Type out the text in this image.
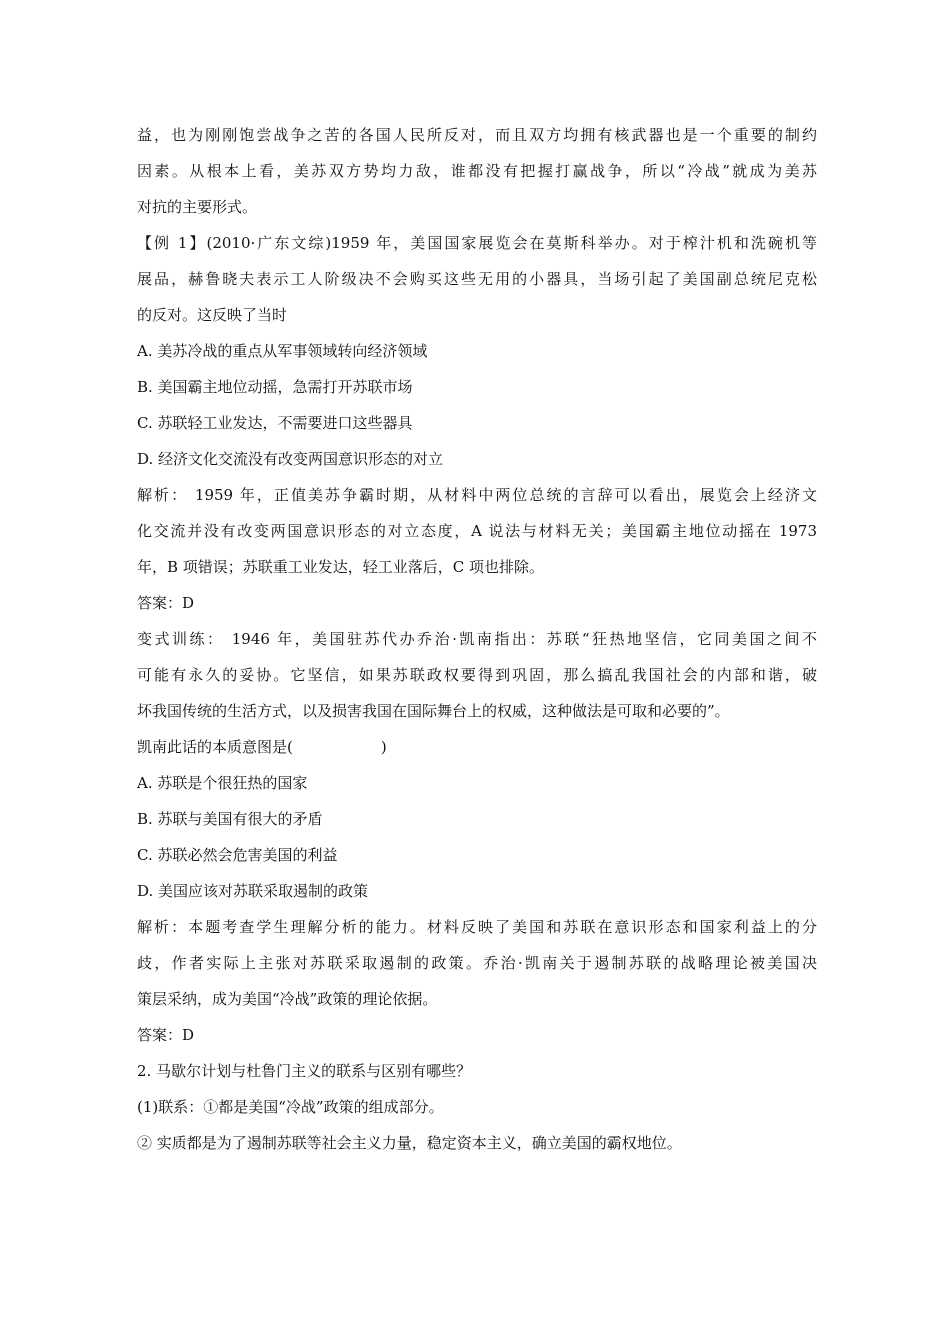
益，也为刚刚饱尝战争之苦的各国人民所反对，而且双方均拥有核武器也是一个重要的制约
因素。从根本上看，美苏双方势均力敌，谁都没有把握打赢战争，所以“冷战”就成为美苏
对抗的主要形式。
【例 1】(2010·广东文综)1959 年，美国国家展览会在莫斯科举办。对于榨汁机和洗碗机等
展品，赫鲁晓夫表示工人阶级决不会购买这些无用的小器具，当场引起了美国副总统尼克松
的反对。这反映了当时
A. 美苏冷战的重点从军事领域转向经济领域
B. 美国霸主地位动摇，急需打开苏联市场
C. 苏联轻工业发达，不需要进口这些器具
D. 经济文化交流没有改变两国意识形态的对立
解析： 1959 年，正值美苏争霸时期，从材料中两位总统的言辞可以看出，展览会上经济文
化交流并没有改变两国意识形态的对立态度，A 说法与材料无关；美国霸主地位动摇在 1973
年，B 项错误；苏联重工业发达，轻工业落后，C 项也排除。
答案：D
变式训练： 1946 年，美国驻苏代办乔治·凯南指出：苏联“狂热地坚信，它同美国之间不
可能有永久的妥协。它坚信，如果苏联政权要得到巩固，那么搞乱我国社会的内部和谐，破
坏我国传统的生活方式，以及损害我国在国际舞台上的权威，这种做法是可取和必要的”。
凯南此话的本质意图是(	)
A. 苏联是个很狂热的国家
B. 苏联与美国有很大的矛盾
C. 苏联必然会危害美国的利益
D. 美国应该对苏联采取遏制的政策
解析：本题考查学生理解分析的能力。材料反映了美国和苏联在意识形态和国家利益上的分
歧，作者实际上主张对苏联采取遏制的政策。乔治·凯南关于遏制苏联的战略理论被美国决
策层采纳，成为美国“冷战”政策的理论依据。
答案：D
2. 马歇尔计划与杜鲁门主义的联系与区别有哪些？
(1)联系：①都是美国“冷战”政策的组成部分。
② 实质都是为了遏制苏联等社会主义力量，稳定资本主义，确立美国的霸权地位。
